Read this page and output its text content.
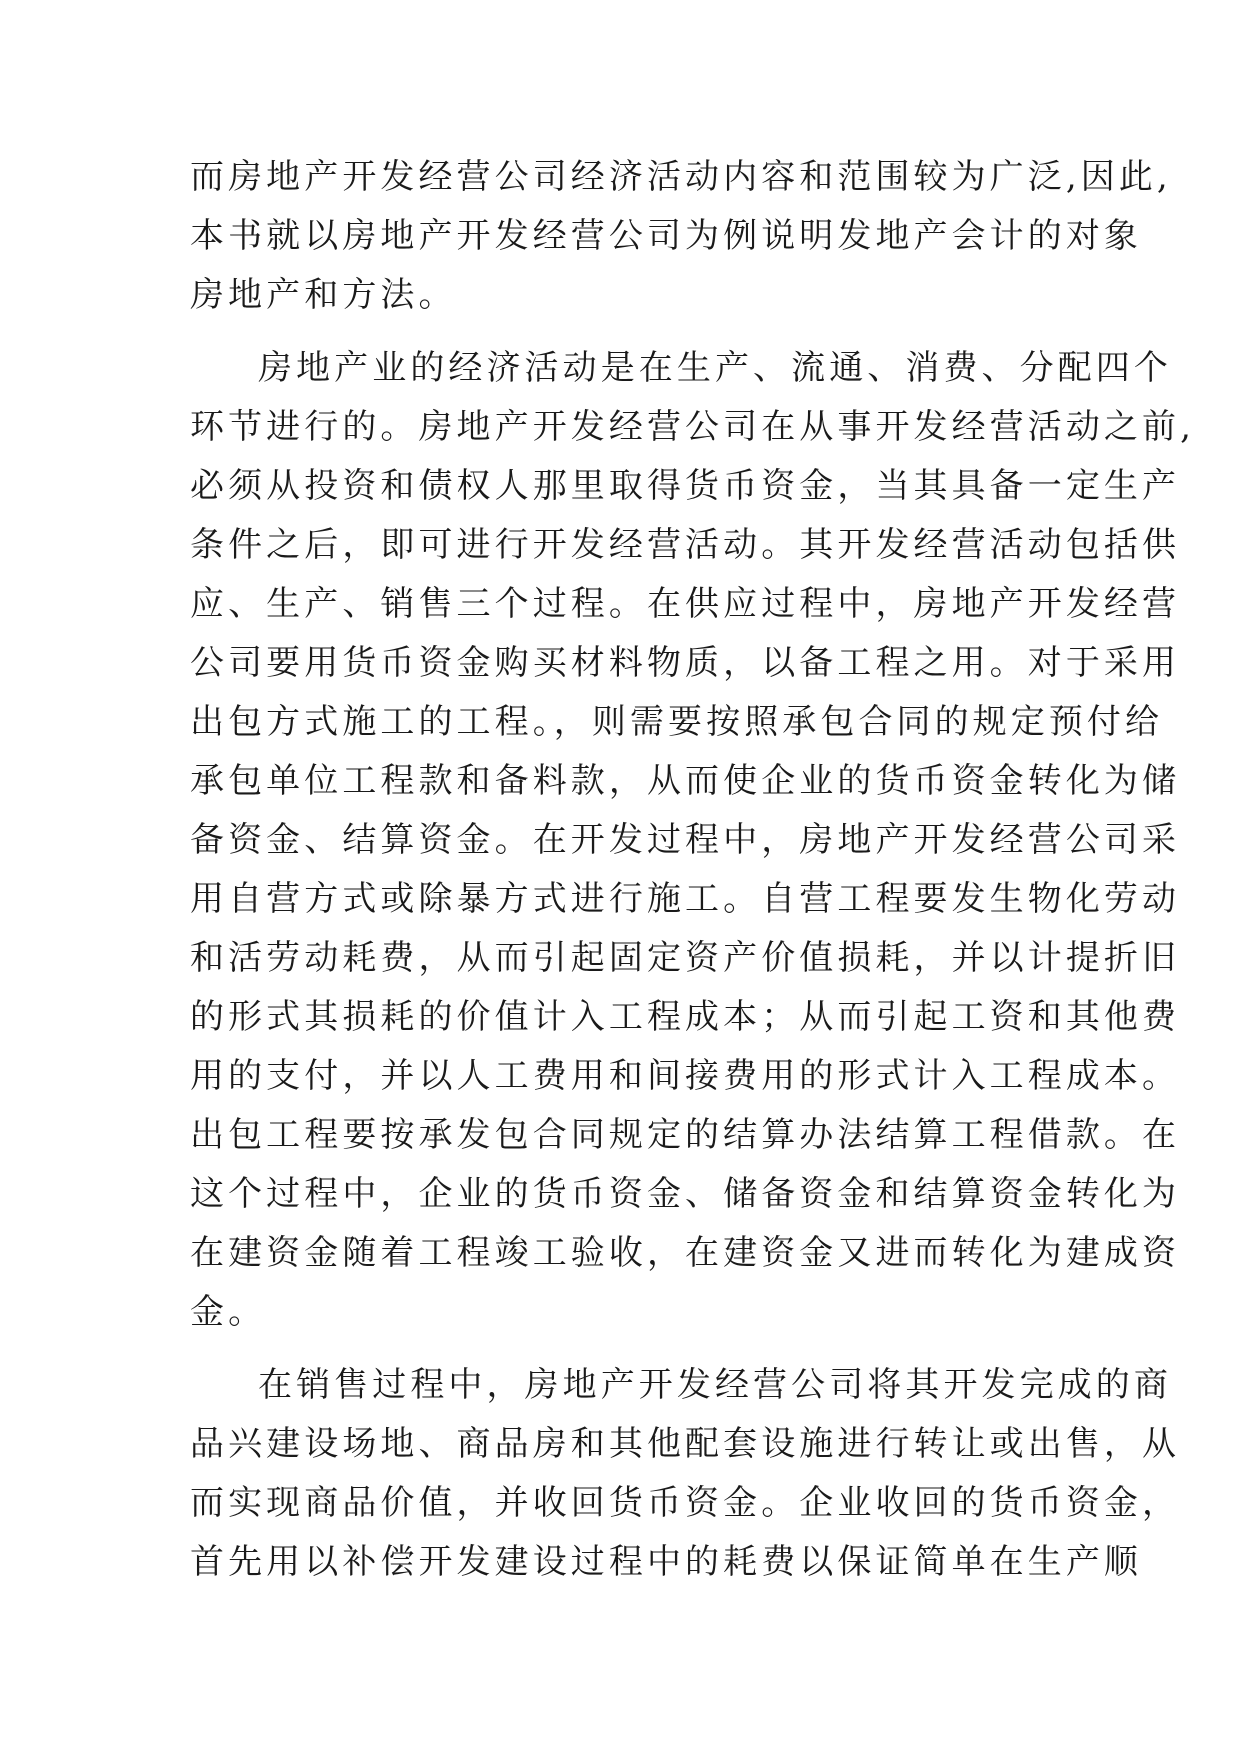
而房地产开发经营公司经济活动内容和范围较为广泛,因此,
本书就以房地产开发经营公司为例说明发地产会计的对象
房地产和方法。
房地产业的经济活动是在生产、流通、消费、分配四个
环节进行的。房地产开发经营公司在从事开发经营活动之前,
必须从投资和债权人那里取得货币资金，当其具备一定生产
条件之后，即可进行开发经营活动。其开发经营活动包括供
应、生产、销售三个过程。在供应过程中，房地产开发经营
公司要用货币资金购买材料物质，以备工程之用。对于采用
出包方式施工的工程。，则需要按照承包合同的规定预付给
承包单位工程款和备料款，从而使企业的货币资金转化为储
备资金、结算资金。在开发过程中，房地产开发经营公司采
用自营方式或除暴方式进行施工。自营工程要发生物化劳动
和活劳动耗费，从而引起固定资产价值损耗，并以计提折旧
的形式其损耗的价值计入工程成本；从而引起工资和其他费
用的支付，并以人工费用和间接费用的形式计入工程成本。
出包工程要按承发包合同规定的结算办法结算工程借款。在
这个过程中，企业的货币资金、储备资金和结算资金转化为
在建资金随着工程竣工验收，在建资金又进而转化为建成资
金。
在销售过程中，房地产开发经营公司将其开发完成的商
品兴建设场地、商品房和其他配套设施进行转让或出售，从
而实现商品价值，并收回货币资金。企业收回的货币资金，
首先用以补偿开发建设过程中的耗费以保证简单在生产顺
